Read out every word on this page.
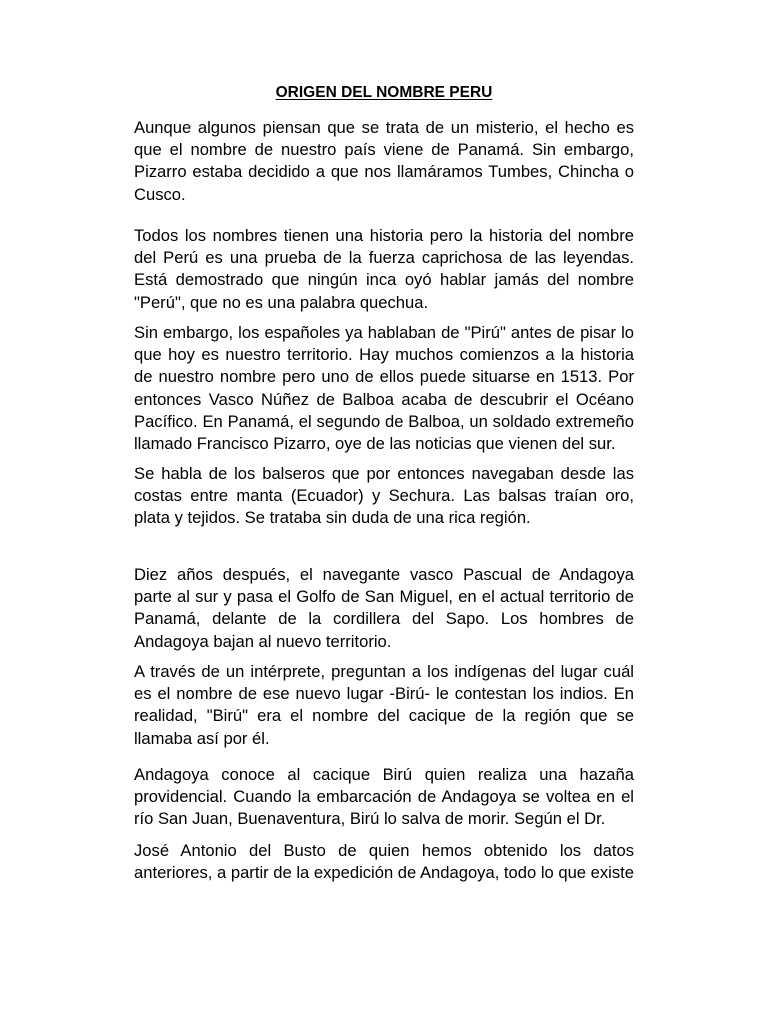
ORIGEN DEL NOMBRE PERU

Aunque algunos piensan que se trata de un misterio, el hecho es que el nombre de nuestro país viene de Panamá. Sin embargo, Pizarro estaba decidido a que nos llamáramos Tumbes, Chincha o Cusco.

Todos los nombres tienen una historia pero la historia del nombre del Perú es una prueba de la fuerza caprichosa de las leyendas. Está demostrado que ningún inca oyó hablar jamás del nombre "Perú", que no es una palabra quechua.

Sin embargo, los españoles ya hablaban de "Pirú" antes de pisar lo que hoy es nuestro territorio. Hay muchos comienzos a la historia de nuestro nombre pero uno de ellos puede situarse en 1513. Por entonces Vasco Núñez de Balboa acaba de descubrir el Océano Pacífico. En Panamá, el segundo de Balboa, un soldado extremeño llamado Francisco Pizarro, oye de las noticias que vienen del sur.

Se habla de los balseros que por entonces navegaban desde las costas entre manta (Ecuador) y Sechura. Las balsas traían oro, plata y tejidos. Se trataba sin duda de una rica región.

Diez años después, el navegante vasco Pascual de Andagoya parte al sur y pasa el Golfo de San Miguel, en el actual territorio de Panamá, delante de la cordillera del Sapo. Los hombres de Andagoya bajan al nuevo territorio.

A través de un intérprete, preguntan a los indígenas del lugar cuál es el nombre de ese nuevo lugar -Birú- le contestan los indios. En realidad, "Birú" era el nombre del cacique de la región que se llamaba así por él.

Andagoya conoce al cacique Birú quien realiza una hazaña providencial. Cuando la embarcación de Andagoya se voltea en el río San Juan, Buenaventura, Birú lo salva de morir. Según el Dr.

José Antonio del Busto de quien hemos obtenido los datos anteriores, a partir de la expedición de Andagoya, todo lo que existe
